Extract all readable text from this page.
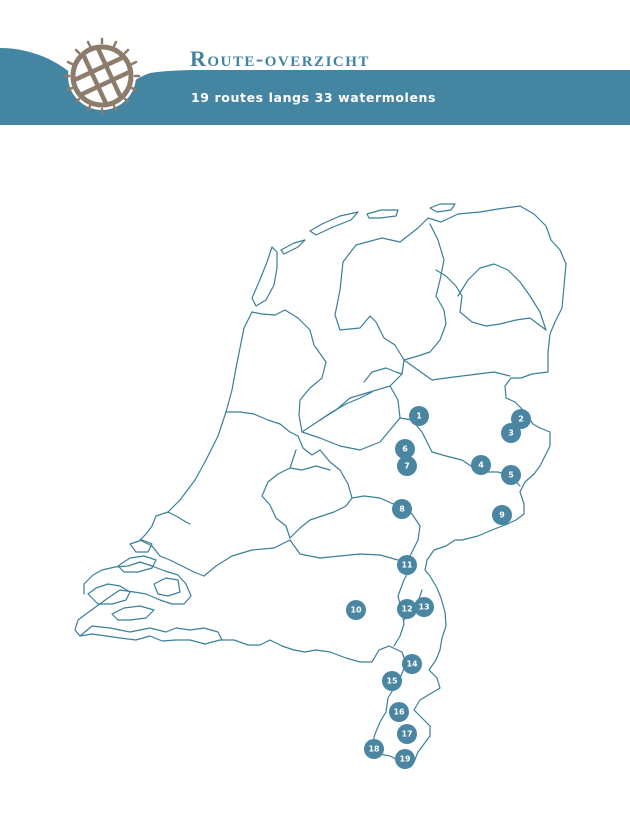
Route-overzicht

19 routes langs 33 watermolens

1	2
3
4
5
6
7
8
9
10
11
12 13
14
15
16
17
18
19
